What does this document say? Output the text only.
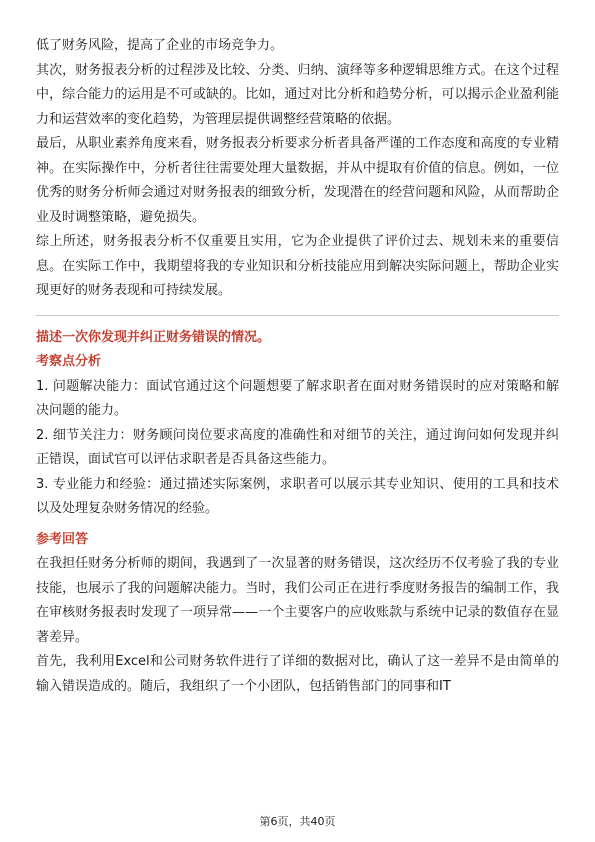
低了财务风险，提高了企业的市场竞争力。

其次，财务报表分析的过程涉及比较、分类、归纳、演绎等多种逻辑思维方式。在这个过程中，综合能力的运用是不可或缺的。比如，通过对比分析和趋势分析，可以揭示企业盈利能力和运营效率的变化趋势，为管理层提供调整经营策略的依据。

最后，从职业素养角度来看，财务报表分析要求分析者具备严谨的工作态度和高度的专业精神。在实际操作中，分析者往往需要处理大量数据，并从中提取有价值的信息。例如，一位优秀的财务分析师会通过对财务报表的细致分析，发现潜在的经营问题和风险，从而帮助企业及时调整策略，避免损失。

综上所述，财务报表分析不仅重要且实用，它为企业提供了评价过去、规划未来的重要信息。在实际工作中，我期望将我的专业知识和分析技能应用到解决实际问题上，帮助企业实现更好的财务表现和可持续发展。

描述一次你发现并纠正财务错误的情况。

考察点分析

1. 问题解决能力：面试官通过这个问题想要了解求职者在面对财务错误时的应对策略和解决问题的能力。
2. 细节关注力：财务顾问岗位要求高度的准确性和对细节的关注，通过询问如何发现并纠正错误，面试官可以评估求职者是否具备这些能力。
3. 专业能力和经验：通过描述实际案例，求职者可以展示其专业知识、使用的工具和技术以及处理复杂财务情况的经验。

参考回答

在我担任财务分析师的期间，我遇到了一次显著的财务错误，这次经历不仅考验了我的专业技能，也展示了我的问题解决能力。当时，我们公司正在进行季度财务报告的编制工作，我在审核财务报表时发现了一项异常——一个主要客户的应收账款与系统中记录的数值存在显著差异。

首先，我利用Excel和公司财务软件进行了详细的数据对比，确认了这一差异不是由简单的输入错误造成的。随后，我组织了一个小团队，包括销售部门的同事和IT

第6页，共40页
